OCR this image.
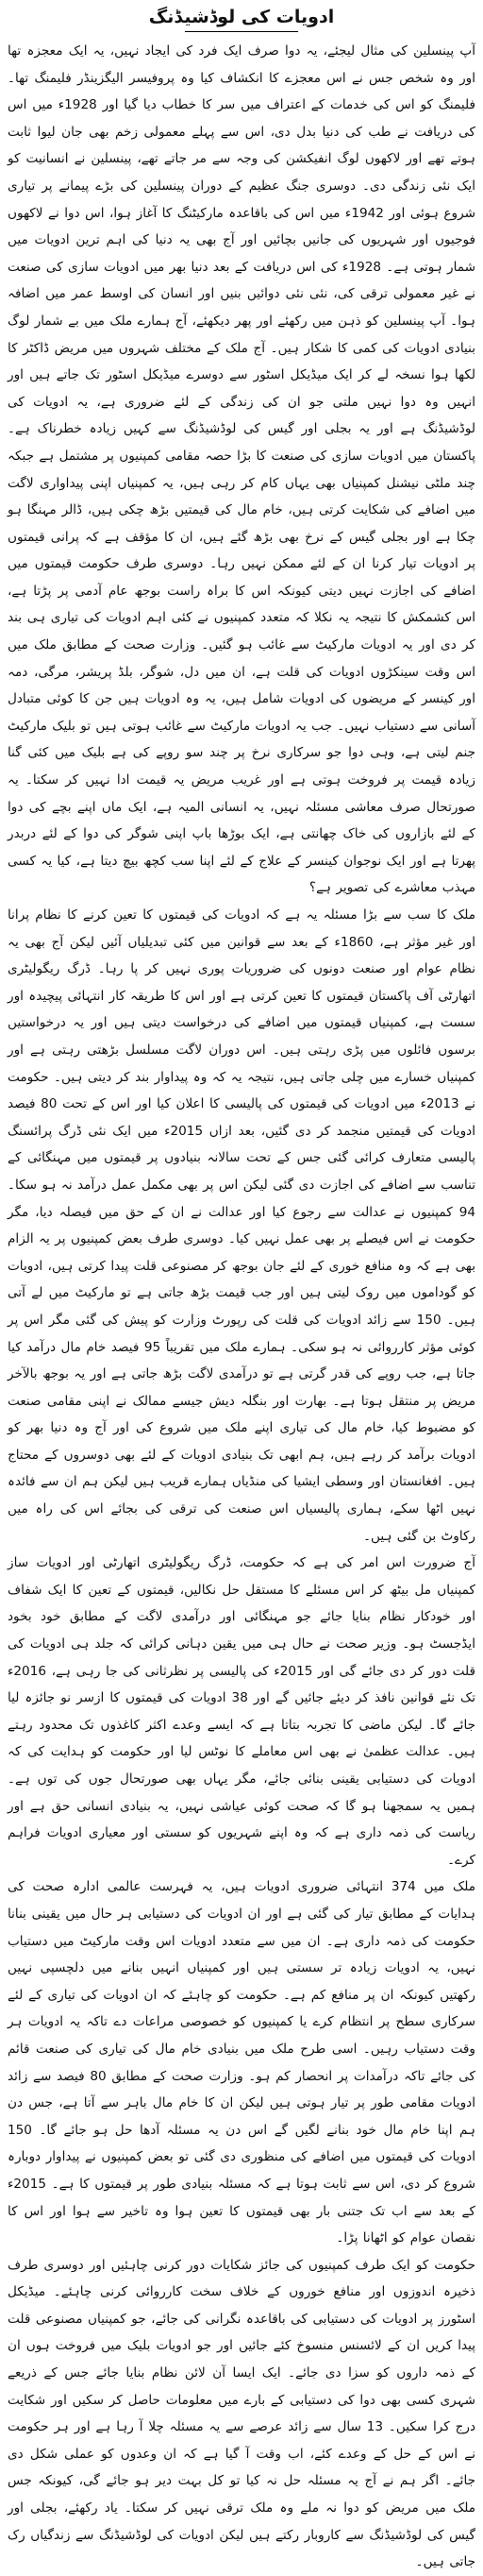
ادویات کی لوڈشیڈنگ

آپ پینسلین کی مثال لیجئے، یہ دوا صرف ایک فرد کی ایجاد نہیں، یہ ایک معجزہ تھا اور وہ شخص جس نے اس معجزے کا انکشاف کیا وہ پروفیسر الیگزینڈر فلیمنگ تھا۔ فلیمنگ کو اس کی خدمات کے اعتراف میں سر کا خطاب دیا گیا اور 1928ء میں اس کی دریافت نے طب کی دنیا بدل دی، اس سے پہلے معمولی زخم بھی جان لیوا ثابت ہوتے تھے اور لاکھوں لوگ انفیکشن کی وجہ سے مر جاتے تھے، پینسلین نے انسانیت کو ایک نئی زندگی دی۔ دوسری جنگ عظیم کے دوران پینسلین کی بڑے پیمانے پر تیاری شروع ہوئی اور 1942ء میں اس کی باقاعدہ مارکیٹنگ کا آغاز ہوا، اس دوا نے لاکھوں فوجیوں اور شہریوں کی جانیں بچائیں اور آج بھی یہ دنیا کی اہم ترین ادویات میں شمار ہوتی ہے۔ 1928ء کی اس دریافت کے بعد دنیا بھر میں ادویات سازی کی صنعت نے غیر معمولی ترقی کی، نئی نئی دوائیں بنیں اور انسان کی اوسط عمر میں اضافہ ہوا۔ آپ پینسلین کو ذہن میں رکھئے اور پھر دیکھئے، آج ہمارے ملک میں بے شمار لوگ بنیادی ادویات کی کمی کا شکار ہیں۔ آج ملک کے مختلف شہروں میں مریض ڈاکٹر کا لکھا ہوا نسخہ لے کر ایک میڈیکل اسٹور سے دوسرے میڈیکل اسٹور تک جاتے ہیں اور انہیں وہ دوا نہیں ملتی جو ان کی زندگی کے لئے ضروری ہے، یہ ادویات کی لوڈشیڈنگ ہے اور یہ بجلی اور گیس کی لوڈشیڈنگ سے کہیں زیادہ خطرناک ہے۔ پاکستان میں ادویات سازی کی صنعت کا بڑا حصہ مقامی کمپنیوں پر مشتمل ہے جبکہ چند ملٹی نیشنل کمپنیاں بھی یہاں کام کر رہی ہیں، یہ کمپنیاں اپنی پیداواری لاگت میں اضافے کی شکایت کرتی ہیں، خام مال کی قیمتیں بڑھ چکی ہیں، ڈالر مہنگا ہو چکا ہے اور بجلی گیس کے نرخ بھی بڑھ گئے ہیں، ان کا مؤقف ہے کہ پرانی قیمتوں پر ادویات تیار کرنا ان کے لئے ممکن نہیں رہا۔ دوسری طرف حکومت قیمتوں میں اضافے کی اجازت نہیں دیتی کیونکہ اس کا براہ راست بوجھ عام آدمی پر پڑتا ہے، اس کشمکش کا نتیجہ یہ نکلا کہ متعدد کمپنیوں نے کئی اہم ادویات کی تیاری ہی بند کر دی اور یہ ادویات مارکیٹ سے غائب ہو گئیں۔ وزارت صحت کے مطابق ملک میں اس وقت سینکڑوں ادویات کی قلت ہے، ان میں دل، شوگر، بلڈ پریشر، مرگی، دمہ اور کینسر کے مریضوں کی ادویات شامل ہیں، یہ وہ ادویات ہیں جن کا کوئی متبادل آسانی سے دستیاب نہیں۔ جب یہ ادویات مارکیٹ سے غائب ہوتی ہیں تو بلیک مارکیٹ جنم لیتی ہے، وہی دوا جو سرکاری نرخ پر چند سو روپے کی ہے بلیک میں کئی گنا زیادہ قیمت پر فروخت ہوتی ہے اور غریب مریض یہ قیمت ادا نہیں کر سکتا۔ یہ صورتحال صرف معاشی مسئلہ نہیں، یہ انسانی المیہ ہے، ایک ماں اپنے بچے کی دوا کے لئے بازاروں کی خاک چھانتی ہے، ایک بوڑھا باپ اپنی شوگر کی دوا کے لئے دربدر پھرتا ہے اور ایک نوجوان کینسر کے علاج کے لئے اپنا سب کچھ بیچ دیتا ہے، کیا یہ کسی مہذب معاشرے کی تصویر ہے؟

ملک کا سب سے بڑا مسئلہ یہ ہے کہ ادویات کی قیمتوں کا تعین کرنے کا نظام پرانا اور غیر مؤثر ہے، 1860ء کے بعد سے قوانین میں کئی تبدیلیاں آئیں لیکن آج بھی یہ نظام عوام اور صنعت دونوں کی ضروریات پوری نہیں کر پا رہا۔ ڈرگ ریگولیٹری اتھارٹی آف پاکستان قیمتوں کا تعین کرتی ہے اور اس کا طریقہ کار انتہائی پیچیدہ اور سست ہے، کمپنیاں قیمتوں میں اضافے کی درخواست دیتی ہیں اور یہ درخواستیں برسوں فائلوں میں پڑی رہتی ہیں۔ اس دوران لاگت مسلسل بڑھتی رہتی ہے اور کمپنیاں خسارے میں چلی جاتی ہیں، نتیجہ یہ کہ وہ پیداوار بند کر دیتی ہیں۔ حکومت نے 2013ء میں ادویات کی قیمتوں کی پالیسی کا اعلان کیا اور اس کے تحت 80 فیصد ادویات کی قیمتیں منجمد کر دی گئیں، بعد ازاں 2015ء میں ایک نئی ڈرگ پرائسنگ پالیسی متعارف کرائی گئی جس کے تحت سالانہ بنیادوں پر قیمتوں میں مہنگائی کے تناسب سے اضافے کی اجازت دی گئی لیکن اس پر بھی مکمل عمل درآمد نہ ہو سکا۔ 94 کمپنیوں نے عدالت سے رجوع کیا اور عدالت نے ان کے حق میں فیصلہ دیا، مگر حکومت نے اس فیصلے پر بھی عمل نہیں کیا۔ دوسری طرف بعض کمپنیوں پر یہ الزام بھی ہے کہ وہ منافع خوری کے لئے جان بوجھ کر مصنوعی قلت پیدا کرتی ہیں، ادویات کو گوداموں میں روک لیتی ہیں اور جب قیمت بڑھ جاتی ہے تو مارکیٹ میں لے آتی ہیں۔ 150 سے زائد ادویات کی قلت کی رپورٹ وزارت کو پیش کی گئی مگر اس پر کوئی مؤثر کارروائی نہ ہو سکی۔ ہمارے ملک میں تقریباً 95 فیصد خام مال درآمد کیا جاتا ہے، جب روپے کی قدر گرتی ہے تو درآمدی لاگت بڑھ جاتی ہے اور یہ بوجھ بالآخر مریض پر منتقل ہوتا ہے۔ بھارت اور بنگلہ دیش جیسے ممالک نے اپنی مقامی صنعت کو مضبوط کیا، خام مال کی تیاری اپنے ملک میں شروع کی اور آج وہ دنیا بھر کو ادویات برآمد کر رہے ہیں، ہم ابھی تک بنیادی ادویات کے لئے بھی دوسروں کے محتاج ہیں۔ افغانستان اور وسطی ایشیا کی منڈیاں ہمارے قریب ہیں لیکن ہم ان سے فائدہ نہیں اٹھا سکے، ہماری پالیسیاں اس صنعت کی ترقی کی بجائے اس کی راہ میں رکاوٹ بن گئی ہیں۔

آج ضرورت اس امر کی ہے کہ حکومت، ڈرگ ریگولیٹری اتھارٹی اور ادویات ساز کمپنیاں مل بیٹھ کر اس مسئلے کا مستقل حل نکالیں، قیمتوں کے تعین کا ایک شفاف اور خودکار نظام بنایا جائے جو مہنگائی اور درآمدی لاگت کے مطابق خود بخود ایڈجسٹ ہو۔ وزیر صحت نے حال ہی میں یقین دہانی کرائی کہ جلد ہی ادویات کی قلت دور کر دی جائے گی اور 2015ء کی پالیسی پر نظرثانی کی جا رہی ہے، 2016ء تک نئے قوانین نافذ کر دیئے جائیں گے اور 38 ادویات کی قیمتوں کا ازسر نو جائزہ لیا جائے گا۔ لیکن ماضی کا تجربہ بتاتا ہے کہ ایسے وعدے اکثر کاغذوں تک محدود رہتے ہیں۔ عدالت عظمیٰ نے بھی اس معاملے کا نوٹس لیا اور حکومت کو ہدایت کی کہ ادویات کی دستیابی یقینی بنائی جائے، مگر یہاں بھی صورتحال جوں کی توں ہے۔ ہمیں یہ سمجھنا ہو گا کہ صحت کوئی عیاشی نہیں، یہ بنیادی انسانی حق ہے اور ریاست کی ذمہ داری ہے کہ وہ اپنے شہریوں کو سستی اور معیاری ادویات فراہم کرے۔

ملک میں 374 انتہائی ضروری ادویات ہیں، یہ فہرست عالمی ادارہ صحت کی ہدایات کے مطابق تیار کی گئی ہے اور ان ادویات کی دستیابی ہر حال میں یقینی بنانا حکومت کی ذمہ داری ہے۔ ان میں سے متعدد ادویات اس وقت مارکیٹ میں دستیاب نہیں، یہ ادویات زیادہ تر سستی ہیں اور کمپنیاں انہیں بنانے میں دلچسپی نہیں رکھتیں کیونکہ ان پر منافع کم ہے۔ حکومت کو چاہئے کہ ان ادویات کی تیاری کے لئے سرکاری سطح پر انتظام کرے یا کمپنیوں کو خصوصی مراعات دے تاکہ یہ ادویات ہر وقت دستیاب رہیں۔ اسی طرح ملک میں بنیادی خام مال کی تیاری کی صنعت قائم کی جائے تاکہ درآمدات پر انحصار کم ہو۔ وزارت صحت کے مطابق 80 فیصد سے زائد ادویات مقامی طور پر تیار ہوتی ہیں لیکن ان کا خام مال باہر سے آتا ہے، جس دن ہم اپنا خام مال خود بنانے لگیں گے اس دن یہ مسئلہ آدھا حل ہو جائے گا۔ 150 ادویات کی قیمتوں میں اضافے کی منظوری دی گئی تو بعض کمپنیوں نے پیداوار دوبارہ شروع کر دی، اس سے ثابت ہوتا ہے کہ مسئلہ بنیادی طور پر قیمتوں کا ہے۔ 2015ء کے بعد سے اب تک جتنی بار بھی قیمتوں کا تعین ہوا وہ تاخیر سے ہوا اور اس کا نقصان عوام کو اٹھانا پڑا۔

حکومت کو ایک طرف کمپنیوں کی جائز شکایات دور کرنی چاہئیں اور دوسری طرف ذخیرہ اندوزوں اور منافع خوروں کے خلاف سخت کارروائی کرنی چاہئے۔ میڈیکل اسٹورز پر ادویات کی دستیابی کی باقاعدہ نگرانی کی جائے، جو کمپنیاں مصنوعی قلت پیدا کریں ان کے لائسنس منسوخ کئے جائیں اور جو ادویات بلیک میں فروخت ہوں ان کے ذمہ داروں کو سزا دی جائے۔ ایک ایسا آن لائن نظام بنایا جائے جس کے ذریعے شہری کسی بھی دوا کی دستیابی کے بارے میں معلومات حاصل کر سکیں اور شکایت درج کرا سکیں۔ 13 سال سے زائد عرصے سے یہ مسئلہ چلا آ رہا ہے اور ہر حکومت نے اس کے حل کے وعدے کئے، اب وقت آ گیا ہے کہ ان وعدوں کو عملی شکل دی جائے۔ اگر ہم نے آج یہ مسئلہ حل نہ کیا تو کل بہت دیر ہو جائے گی، کیونکہ جس ملک میں مریض کو دوا نہ ملے وہ ملک ترقی نہیں کر سکتا۔ یاد رکھئے، بجلی اور گیس کی لوڈشیڈنگ سے کاروبار رکتے ہیں لیکن ادویات کی لوڈشیڈنگ سے زندگیاں رک جاتی ہیں۔
